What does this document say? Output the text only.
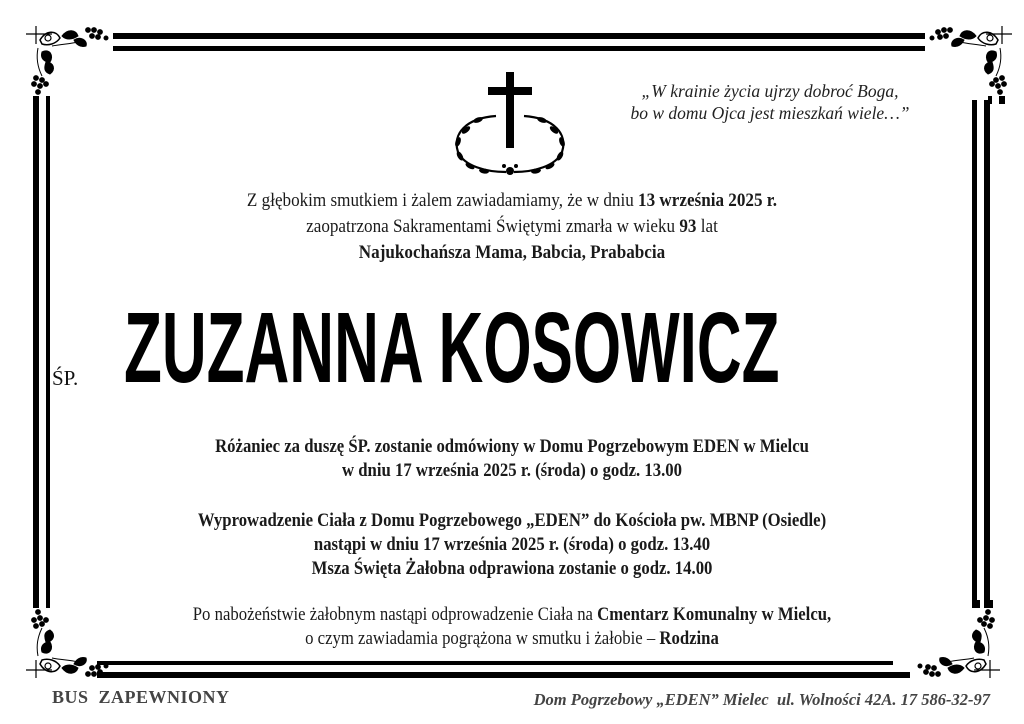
„W krainie życia ujrzy dobroć Boga,
bo w domu Ojca jest mieszkań wiele…”
Z głębokim smutkiem i żalem zawiadamiamy, że w dniu 13 września 2025 r.
zaopatrzona Sakramentami Świętymi zmarła w wieku 93 lat
Najukochańsza Mama, Babcia, Prababcia
ŚP. ZUZANNA KOSOWICZ
Różaniec za duszę ŚP. zostanie odmówiony w Domu Pogrzebowym EDEN w Mielcu
w dniu 17 września 2025 r. (środa) o godz. 13.00
Wyprowadzenie Ciała z Domu Pogrzebowego „EDEN” do Kościoła pw. MBNP (Osiedle)
nastąpi w dniu 17 września 2025 r. (środa) o godz. 13.40
Msza Święta Żałobna odprawiona zostanie o godz. 14.00
Po nabożeństwie żałobnym nastąpi odprowadzenie Ciała na Cmentarz Komunalny w Mielcu,
o czym zawiadamia pogrążona w smutku i żałobie – Rodzina
BUS  ZAPEWNIONY	Dom Pogrzebowy „EDEN” Mielec  ul. Wolności 42A. 17 586-32-97
